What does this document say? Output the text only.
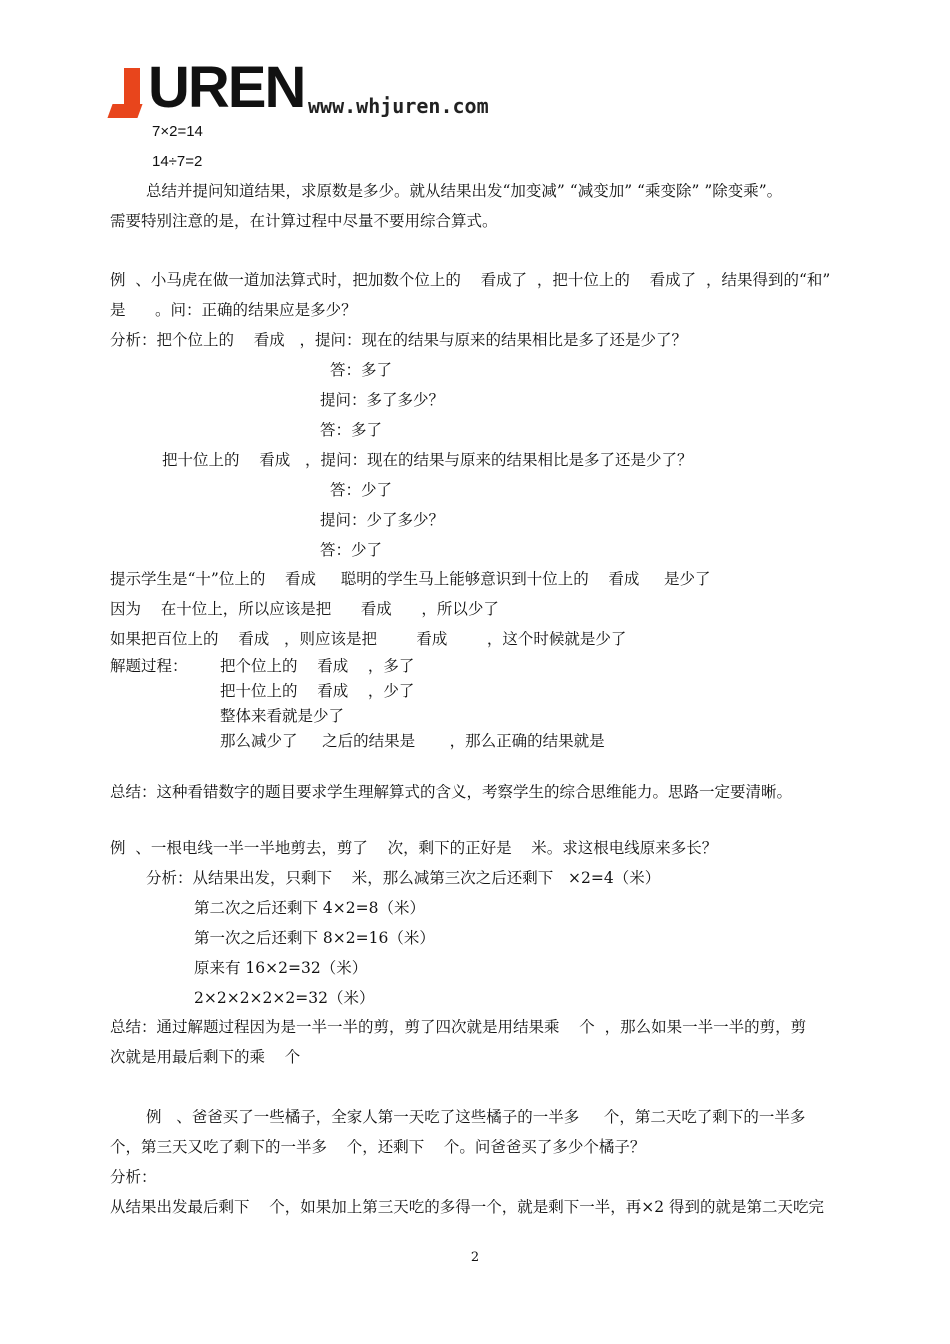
UREN www.whjuren.com
7×2=14
14÷7=2
总结并提问知道结果，求原数是多少。就从结果出发“加变减” “减变加” “乘变除” ”除变乘”。
需要特别注意的是，在计算过程中尽量不要用综合算式。
例  、小马虎在做一道加法算式时，把加数个位上的    看成了  ，把十位上的    看成了  ，结果得到的“和”
是      。问：正确的结果应是多少？
分析：把个位上的    看成   ，提问：现在的结果与原来的结果相比是多了还是少了？
答：多了
提问：多了多少？
答：多了
把十位上的    看成   ，提问：现在的结果与原来的结果相比是多了还是少了？
答：少了
提问：少了多少？
答：少了
提示学生是“十”位上的    看成     聪明的学生马上能够意识到十位上的    看成     是少了
因为    在十位上，所以应该是把      看成      ，所以少了
如果把百位上的    看成   ，则应该是把        看成        ，这个时候就是少了
解题过程： 把个位上的    看成    ，多了
把十位上的    看成    ，少了
整体来看就是少了
那么减少了     之后的结果是       ，那么正确的结果就是
总结：这种看错数字的题目要求学生理解算式的含义，考察学生的综合思维能力。思路一定要清晰。
例  、一根电线一半一半地剪去，剪了    次，剩下的正好是    米。求这根电线原来多长？
分析：从结果出发，只剩下    米，那么减第三次之后还剩下   ×2=4（米）
第二次之后还剩下 4×2=8（米）
第一次之后还剩下 8×2=16（米）
原来有 16×2=32（米）
2×2×2×2×2=32（米）
总结：通过解题过程因为是一半一半的剪，剪了四次就是用结果乘    个  ，那么如果一半一半的剪，剪
次就是用最后剩下的乘    个
例   、爸爸买了一些橘子，全家人第一天吃了这些橘子的一半多     个，第二天吃了剩下的一半多
个，第三天又吃了剩下的一半多    个，还剩下    个。问爸爸买了多少个橘子？
分析：
从结果出发最后剩下    个，如果加上第三天吃的多得一个，就是剩下一半，再×2 得到的就是第二天吃完
2
